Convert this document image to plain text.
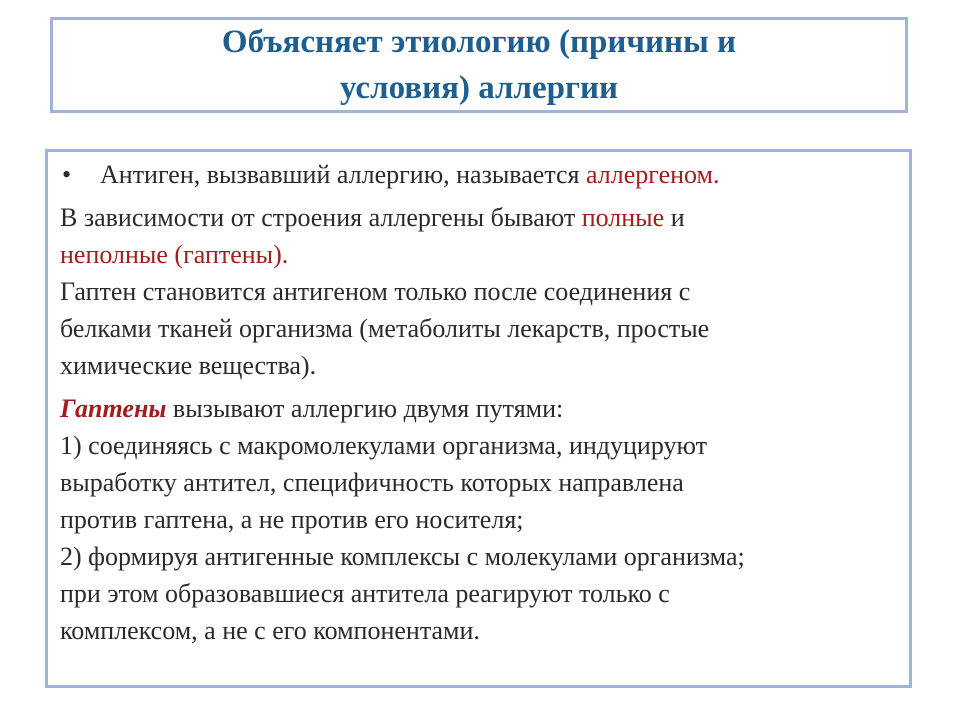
Объясняет этиологию (причины и
условия) аллергии
•	Антиген, вызвавший аллергию, называется аллергеном.

В зависимости от строения аллергены бывают полные и

неполные (гаптены).

Гаптен становится антигеном только после соединения с

белками тканей организма (метаболиты лекарств, простые

химические вещества).

Гаптены вызывают аллергию двумя путями:

1) соединяясь с макромолекулами организма, индуцируют

выработку антител, специфичность которых направлена

против гаптена, а не против его носителя;

2) формируя антигенные комплексы с молекулами организма;

при этом образовавшиеся антитела реагируют только с

комплексом, а не с его компонентами.
